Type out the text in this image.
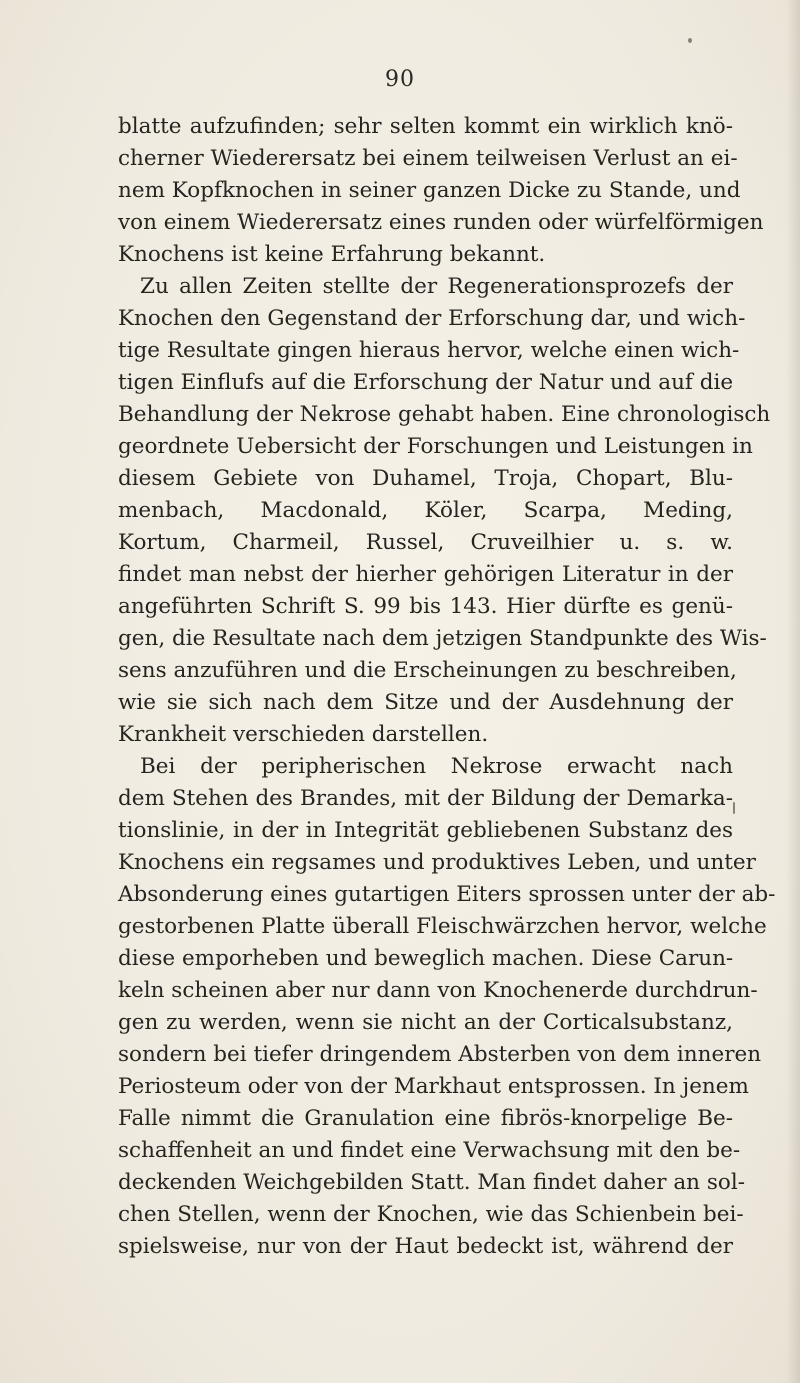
90
blatte aufzufinden; sehr selten kommt ein wirklich knö-
cherner Wiederersatz bei einem teilweisen Verlust an ei-
nem Kopfknochen in seiner ganzen Dicke zu Stande, und
von einem Wiederersatz eines runden oder würfelförmigen
Knochens ist keine Erfahrung bekannt.
Zu allen Zeiten stellte der Regenerationsprozefs der
Knochen den Gegenstand der Erforschung dar, und wich-
tige Resultate gingen hieraus hervor, welche einen wich-
tigen Einflufs auf die Erforschung der Natur und auf die
Behandlung der Nekrose gehabt haben. Eine chronologisch
geordnete Uebersicht der Forschungen und Leistungen in
diesem Gebiete von Duhamel, Troja, Chopart, Blu-
menbach, Macdonald, Köler, Scarpa, Meding,
Kortum, Charmeil, Russel, Cruveilhier u. s. w.
findet man nebst der hierher gehörigen Literatur in der
angeführten Schrift S. 99 bis 143. Hier dürfte es genü-
gen, die Resultate nach dem jetzigen Standpunkte des Wis-
sens anzuführen und die Erscheinungen zu beschreiben,
wie sie sich nach dem Sitze und der Ausdehnung der
Krankheit verschieden darstellen.
Bei der peripherischen Nekrose erwacht nach
dem Stehen des Brandes, mit der Bildung der Demarka-
tionslinie, in der in Integrität gebliebenen Substanz des
Knochens ein regsames und produktives Leben, und unter
Absonderung eines gutartigen Eiters sprossen unter der ab-
gestorbenen Platte überall Fleischwärzchen hervor, welche
diese emporheben und beweglich machen. Diese Carun-
keln scheinen aber nur dann von Knochenerde durchdrun-
gen zu werden, wenn sie nicht an der Corticalsubstanz,
sondern bei tiefer dringendem Absterben von dem inneren
Periosteum oder von der Markhaut entsprossen. In jenem
Falle nimmt die Granulation eine fibrös-knorpelige Be-
schaffenheit an und findet eine Verwachsung mit den be-
deckenden Weichgebilden Statt. Man findet daher an sol-
chen Stellen, wenn der Knochen, wie das Schienbein bei-
spielsweise, nur von der Haut bedeckt ist, während der
